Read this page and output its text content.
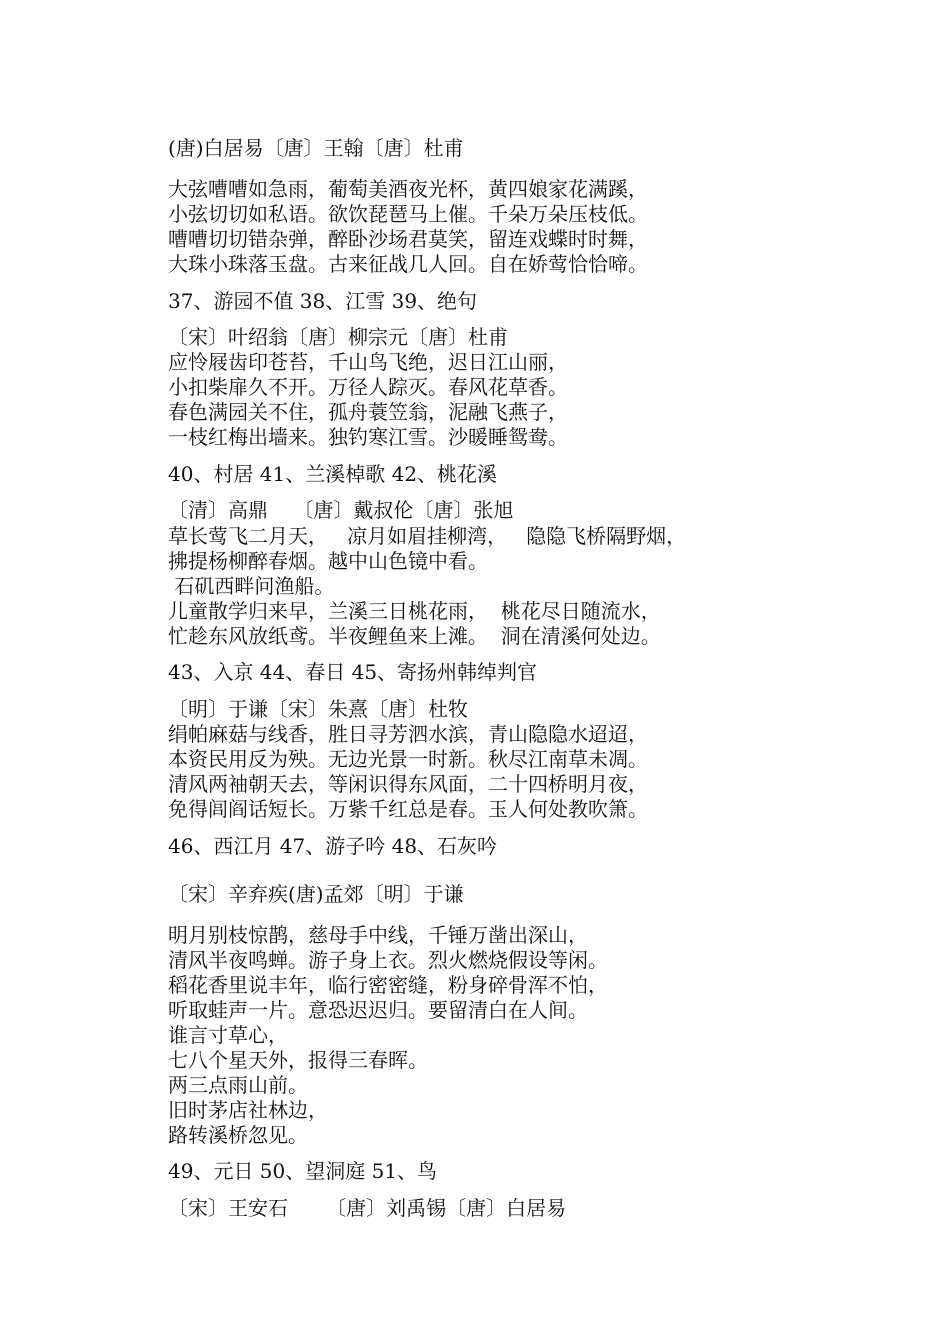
(唐)白居易〔唐〕王翰〔唐〕杜甫
大弦嘈嘈如急雨，葡萄美酒夜光杯，黄四娘家花满蹊，
小弦切切如私语。欲饮琵琶马上催。千朵万朵压枝低。
嘈嘈切切错杂弹，醉卧沙场君莫笑，留连戏蝶时时舞，
大珠小珠落玉盘。古来征战几人回。自在娇莺恰恰啼。
37、游园不值 38、江雪 39、绝句
〔宋〕叶绍翁〔唐〕柳宗元〔唐〕杜甫
应怜屐齿印苍苔，千山鸟飞绝，迟日江山丽，
小扣柴扉久不开。万径人踪灭。春风花草香。
春色满园关不住，孤舟蓑笠翁，泥融飞燕子，
一枝红梅出墙来。独钓寒江雪。沙暖睡鸳鸯。
40、村居 41、兰溪棹歌 42、桃花溪
〔清〕高鼎    〔唐〕戴叔伦〔唐〕张旭
草长莺飞二月天，   凉月如眉挂柳湾，   隐隐飞桥隔野烟，
拂提杨柳醉春烟。越中山色镜中看。
石矶西畔问渔船。
儿童散学归来早，兰溪三日桃花雨，  桃花尽日随流水，
忙趁东风放纸鸢。半夜鲤鱼来上滩。  洞在清溪何处边。
43、入京 44、春日 45、寄扬州韩绰判官
〔明〕于谦〔宋〕朱熹〔唐〕杜牧
绢帕麻菇与线香，胜日寻芳泗水滨，青山隐隐水迢迢，
本资民用反为殃。无边光景一时新。秋尽江南草未凋。
清风两袖朝天去，等闲识得东风面，二十四桥明月夜，
免得闾阎话短长。万紫千红总是春。玉人何处教吹箫。
46、西江月 47、游子吟 48、石灰吟
〔宋〕辛弃疾(唐)孟郊〔明〕于谦
明月别枝惊鹊，慈母手中线，千锤万凿出深山，
清风半夜鸣蝉。游子身上衣。烈火燃烧假设等闲。
稻花香里说丰年，临行密密缝，粉身碎骨浑不怕，
听取蛙声一片。意恐迟迟归。要留清白在人间。
谁言寸草心，
七八个星天外，报得三春晖。
两三点雨山前。
旧时茅店社林边，
路转溪桥忽见。
49、元日 50、望洞庭 51、鸟
〔宋〕王安石      〔唐〕刘禹锡〔唐〕白居易
